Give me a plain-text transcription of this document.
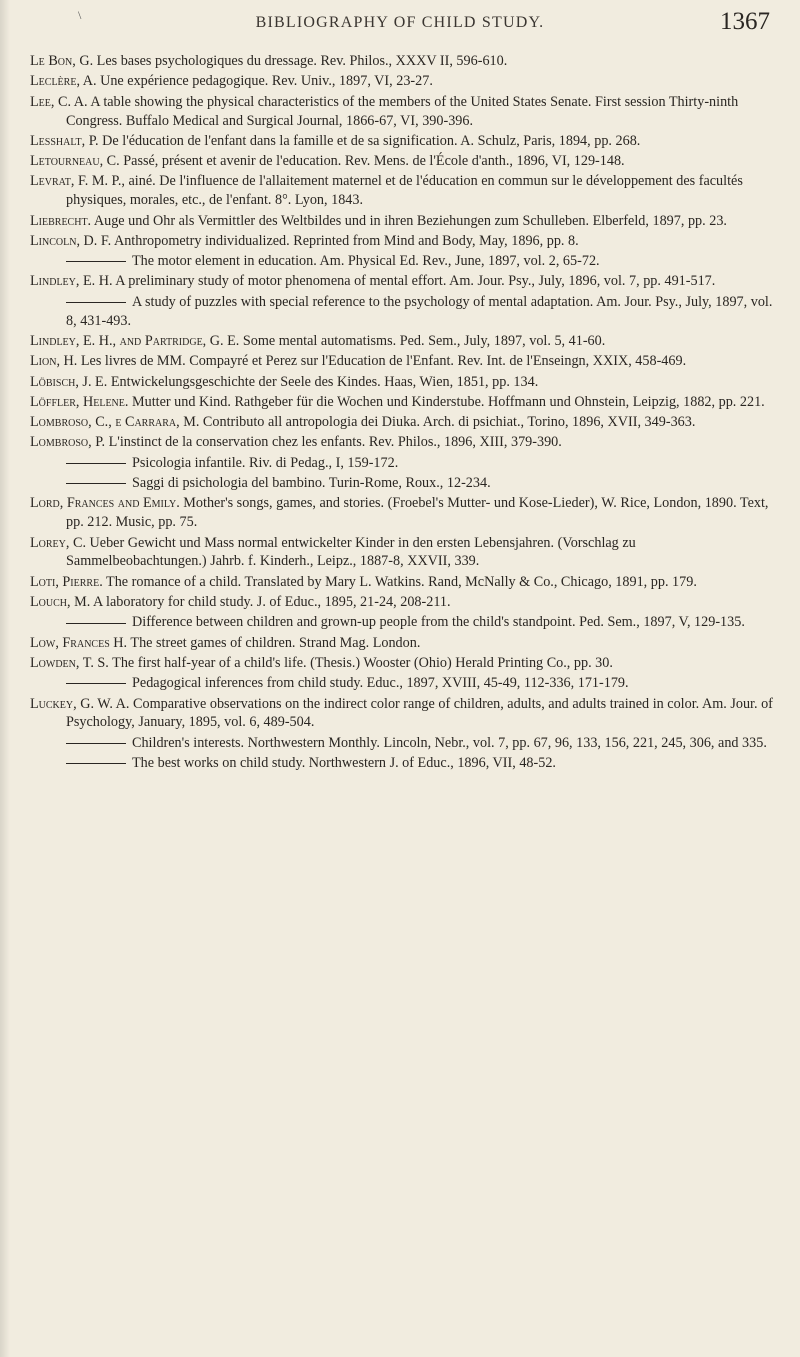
\	BIBLIOGRAPHY OF CHILD STUDY.	1367

Le Bon, G. Les bases psychologiques du dressage. Rev. Philos., XXXV II, 596-610.

Leclère, A. Une expérience pedagogique. Rev. Univ., 1897, VI, 23-27.

Lee, C. A. A table showing the physical characteristics of the members of the United States Senate. First session Thirty-ninth Congress. Buffalo Medical and Surgical Journal, 1866-67, VI, 390-396.

Lesshalt, P. De l'éducation de l'enfant dans la famille et de sa signification. A. Schulz, Paris, 1894, pp. 268.

Letourneau, C. Passé, présent et avenir de l'education. Rev. Mens. de l'École d'anth., 1896, VI, 129-148.

Levrat, F. M. P., ainé. De l'influence de l'allaitement maternel et de l'éducation en commun sur le développement des facultés physiques, morales, etc., de l'enfant. 8°. Lyon, 1843.

Liebrecht. Auge und Ohr als Vermittler des Weltbildes und in ihren Beziehungen zum Schulleben. Elberfeld, 1897, pp. 23.

Lincoln, D. F. Anthropometry individualized. Reprinted from Mind and Body, May, 1896, pp. 8.

The motor element in education. Am. Physical Ed. Rev., June, 1897, vol. 2, 65-72.

Lindley, E. H. A preliminary study of motor phenomena of mental effort. Am. Jour. Psy., July, 1896, vol. 7, pp. 491-517.

A study of puzzles with special reference to the psychology of mental adaptation. Am. Jour. Psy., July, 1897, vol. 8, 431-493.

Lindley, E. H., and Partridge, G. E. Some mental automatisms. Ped. Sem., July, 1897, vol. 5, 41-60.

Lion, H. Les livres de MM. Compayré et Perez sur l'Education de l'Enfant. Rev. Int. de l'Enseingn, XXIX, 458-469.

Löbisch, J. E. Entwickelungsgeschichte der Seele des Kindes. Haas, Wien, 1851, pp. 134.

Löffler, Helene. Mutter und Kind. Rathgeber für die Wochen und Kinderstube. Hoffmann und Ohnstein, Leipzig, 1882, pp. 221.

Lombroso, C., e Carrara, M. Contributo all antropologia dei Diuka. Arch. di psichiat., Torino, 1896, XVII, 349-363.

Lombroso, P. L'instinct de la conservation chez les enfants. Rev. Philos., 1896, XIII, 379-390.

Psicologia infantile. Riv. di Pedag., I, 159-172.

Saggi di psichologia del bambino. Turin-Rome, Roux., 12-234.

Lord, Frances and Emily. Mother's songs, games, and stories. (Froebel's Mutter- und Kose-Lieder), W. Rice, London, 1890. Text, pp. 212. Music, pp. 75.

Lorey, C. Ueber Gewicht und Mass normal entwickelter Kinder in den ersten Lebensjahren. (Vorschlag zu Sammelbeobachtungen.) Jahrb. f. Kinderh., Leipz., 1887-8, XXVII, 339.

Loti, Pierre. The romance of a child. Translated by Mary L. Watkins. Rand, McNally & Co., Chicago, 1891, pp. 179.

Louch, M. A laboratory for child study. J. of Educ., 1895, 21-24, 208-211.

Difference between children and grown-up people from the child's standpoint. Ped. Sem., 1897, V, 129-135.

Low, Frances H. The street games of children. Strand Mag. London.

Lowden, T. S. The first half-year of a child's life. (Thesis.) Wooster (Ohio) Herald Printing Co., pp. 30.

Pedagogical inferences from child study. Educ., 1897, XVIII, 45-49, 112-336, 171-179.

Luckey, G. W. A. Comparative observations on the indirect color range of children, adults, and adults trained in color. Am. Jour. of Psychology, January, 1895, vol. 6, 489-504.

Children's interests. Northwestern Monthly. Lincoln, Nebr., vol. 7, pp. 67, 96, 133, 156, 221, 245, 306, and 335.

The best works on child study. Northwestern J. of Educ., 1896, VII, 48-52.
